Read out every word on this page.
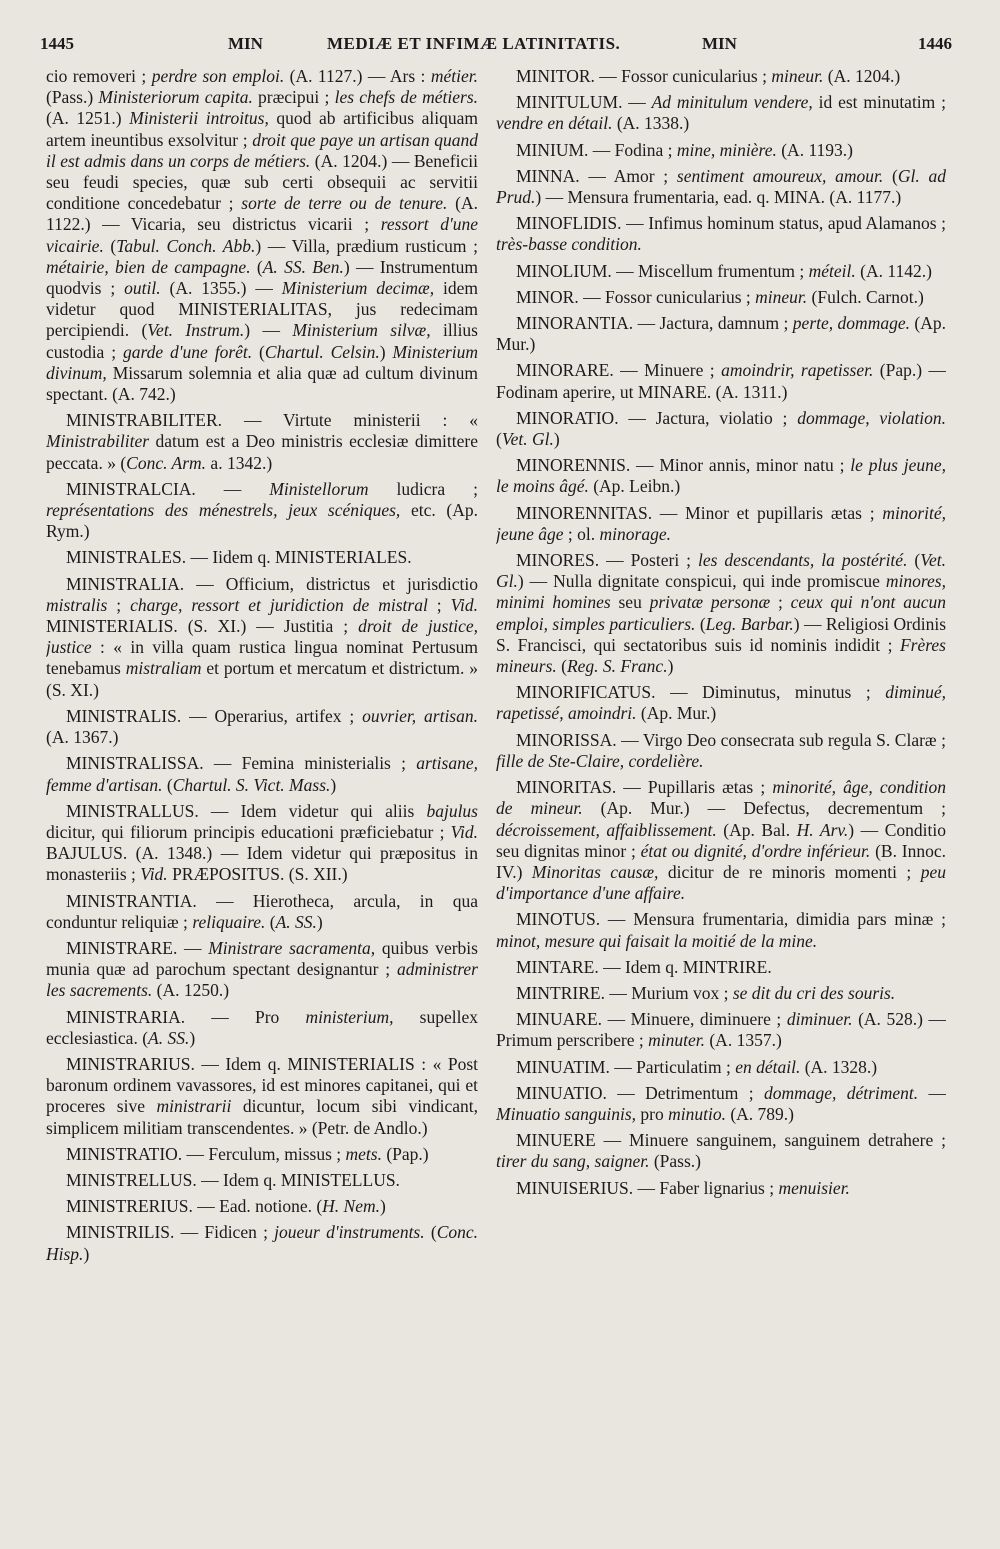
1445	MIN	MEDIÆ ET INFIMÆ LATINITATIS.	MIN	1446

cio removeri ; perdre son emploi. (A. 1127.) — Ars : métier. (Pass.) Ministeriorum capita. præcipui ; les chefs de métiers. (A. 1251.) Ministerii introitus, quod ab artificibus aliquam artem ineuntibus exsolvitur ; droit que paye un artisan quand il est admis dans un corps de métiers. (A. 1204.) — Beneficii seu feudi species, quæ sub certi obsequii ac servitii conditione concedebatur ; sorte de terre ou de tenure. (A. 1122.) — Vicaria, seu districtus vicarii ; ressort d'une vicairie. (Tabul. Conch. Abb.) — Villa, prædium rusticum ; métairie, bien de campagne. (A. SS. Ben.) — Instrumentum quodvis ; outil. (A. 1355.) — Ministerium decimæ, idem videtur quod MINISTERIALITAS, jus redecimam percipiendi. (Vet. Instrum.) — Ministerium silvæ, illius custodia ; garde d'une forêt. (Chartul. Celsin.) Ministerium divinum, Missarum solemnia et alia quæ ad cultum divinum spectant. (A. 742.)

MINISTRABILITER. — Virtute ministerii : « Ministrabiliter datum est a Deo ministris ecclesiæ dimittere peccata. » (Conc. Arm. a. 1342.)

MINISTRALCIA. — Ministellorum ludicra ; représentations des ménestrels, jeux scéniques, etc. (Ap. Rym.)

MINISTRALES. — Iidem q. MINISTERIALES.

MINISTRALIA. — Officium, districtus et jurisdictio mistralis ; charge, ressort et juridiction de mistral ; Vid. MINISTERIALIS. (S. XI.) — Justitia ; droit de justice, justice : « in villa quam rustica lingua nominat Pertusum tenebamus mistraliam et portum et mercatum et districtum. » (S. XI.)

MINISTRALIS. — Operarius, artifex ; ouvrier, artisan. (A. 1367.)

MINISTRALISSA. — Femina ministerialis ; artisane, femme d'artisan. (Chartul. S. Vict. Mass.)

MINISTRALLUS. — Idem videtur qui aliis bajulus dicitur, qui filiorum principis educationi præficiebatur ; Vid. BAJULUS. (A. 1348.) — Idem videtur qui præpositus in monasteriis ; Vid. PRÆPOSITUS. (S. XII.)

MINISTRANTIA. — Hierotheca, arcula, in qua conduntur reliquiæ ; reliquaire. (A. SS.)

MINISTRARE. — Ministrare sacramenta, quibus verbis munia quæ ad parochum spectant designantur ; administrer les sacrements. (A. 1250.)

MINISTRARIA. — Pro ministerium, supellex ecclesiastica. (A. SS.)

MINISTRARIUS. — Idem q. MINISTERIALIS : « Post baronum ordinem vavassores, id est minores capitanei, qui et proceres sive ministrarii dicuntur, locum sibi vindicant, simplicem militiam transcendentes. » (Petr. de Andlo.)

MINISTRATIO. — Ferculum, missus ; mets. (Pap.)

MINISTRELLUS. — Idem q. MINISTELLUS.

MINISTRERIUS. — Ead. notione. (H. Nem.)

MINISTRILIS. — Fidicen ; joueur d'instruments. (Conc. Hisp.)

MINITOR. — Fossor cunicularius ; mineur. (A. 1204.)

MINITULUM. — Ad minitulum vendere, id est minutatim ; vendre en détail. (A. 1338.)

MINIUM. — Fodina ; mine, minière. (A. 1193.)

MINNA. — Amor ; sentiment amoureux, amour. (Gl. ad Prud.) — Mensura frumentaria, ead. q. MINA. (A. 1177.)

MINOFLIDIS. — Infimus hominum status, apud Alamanos ; très-basse condition.

MINOLIUM. — Miscellum frumentum ; méteil. (A. 1142.)

MINOR. — Fossor cunicularius ; mineur. (Fulch. Carnot.)

MINORANTIA. — Jactura, damnum ; perte, dommage. (Ap. Mur.)

MINORARE. — Minuere ; amoindrir, rapetisser. (Pap.) — Fodinam aperire, ut MINARE. (A. 1311.)

MINORATIO. — Jactura, violatio ; dommage, violation. (Vet. Gl.)

MINORENNIS. — Minor annis, minor natu ; le plus jeune, le moins âgé. (Ap. Leibn.)

MINORENNITAS. — Minor et pupillaris ætas ; minorité, jeune âge ; ol. minorage.

MINORES. — Posteri ; les descendants, la postérité. (Vet. Gl.) — Nulla dignitate conspicui, qui inde promiscue minores, minimi homines seu privatæ personæ ; ceux qui n'ont aucun emploi, simples particuliers. (Leg. Barbar.) — Religiosi Ordinis S. Francisci, qui sectatoribus suis id nominis indidit ; Frères mineurs. (Reg. S. Franc.)

MINORIFICATUS. — Diminutus, minutus ; diminué, rapetissé, amoindri. (Ap. Mur.)

MINORISSA. — Virgo Deo consecrata sub regula S. Claræ ; fille de Ste-Claire, cordelière.

MINORITAS. — Pupillaris ætas ; minorité, âge, condition de mineur. (Ap. Mur.) — Defectus, decrementum ; décroissement, affaiblissement. (Ap. Bal. H. Arv.) — Conditio seu dignitas minor ; état ou dignité, d'ordre inférieur. (B. Innoc. IV.) Minoritas causæ, dicitur de re minoris momenti ; peu d'importance d'une affaire.

MINOTUS. — Mensura frumentaria, dimidia pars minæ ; minot, mesure qui faisait la moitié de la mine.

MINTARE. — Idem q. MINTRIRE.

MINTRIRE. — Murium vox ; se dit du cri des souris.

MINUARE. — Minuere, diminuere ; diminuer. (A. 528.) — Primum perscribere ; minuter. (A. 1357.)

MINUATIM. — Particulatim ; en détail. (A. 1328.)

MINUATIO. — Detrimentum ; dommage, détriment. — Minuatio sanguinis, pro minutio. (A. 789.)

MINUERE — Minuere sanguinem, sanguinem detrahere ; tirer du sang, saigner. (Pass.)

MINUISERIUS. — Faber lignarius ; menuisier.
